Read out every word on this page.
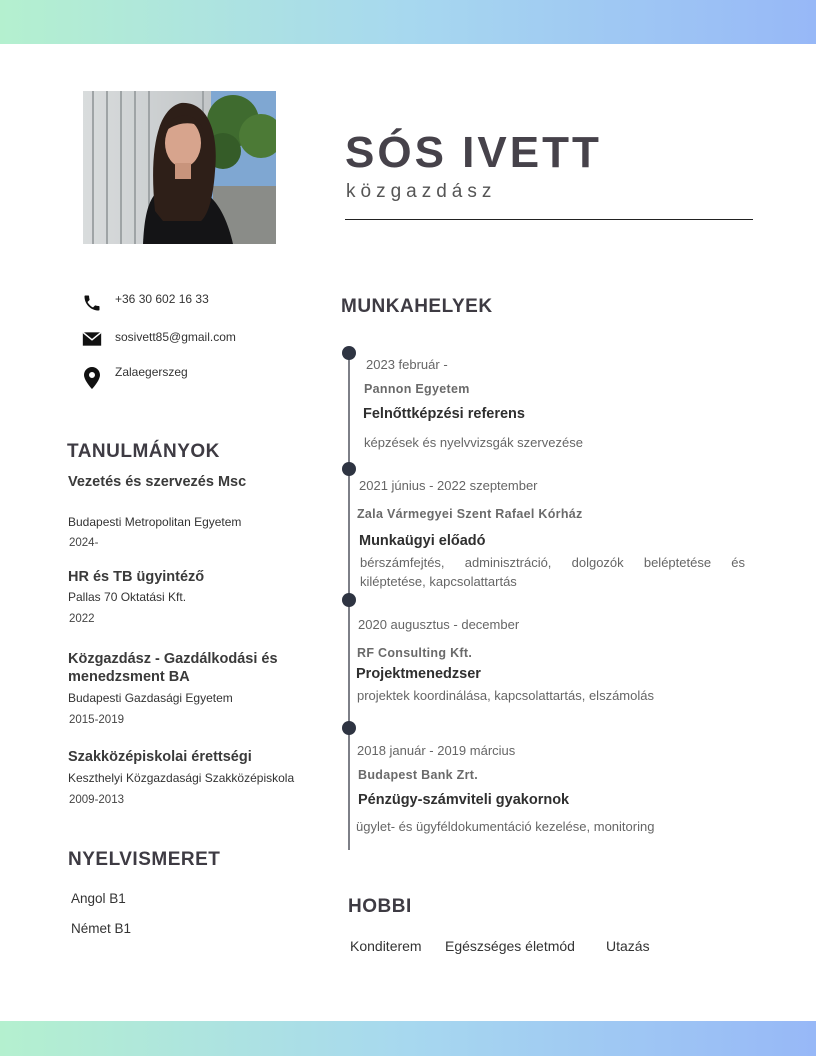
SÓS IVETT
közgazdász
+36 30 602 16 33
sosivett85@gmail.com
Zalaegerszeg
TANULMÁNYOK
Vezetés és szervezés Msc
Budapesti Metropolitan Egyetem
2024-
HR és TB ügyintéző
Pallas 70 Oktatási Kft.
2022
Közgazdász - Gazdálkodási és menedzsment BA
Budapesti Gazdasági Egyetem
2015-2019
Szakközépiskolai érettségi
Keszthelyi Közgazdasági Szakközépiskola
2009-2013
NYELVISMERET
Angol B1
Német B1
MUNKAHELYEK
2023 február -
Pannon Egyetem
Felnőttképzési referens
képzések és nyelvvizsgák szervezése
2021 június - 2022 szeptember
Zala Vármegyei Szent Rafael Kórház
Munkaügyi előadó
bérszámfejtés, adminisztráció, dolgozók beléptetése és kiléptetése, kapcsolattartás
2020 augusztus - december
RF Consulting Kft.
Projektmenedzser
projektek koordinálása, kapcsolattartás, elszámolás
2018 január - 2019 március
Budapest Bank Zrt.
Pénzügy-számviteli gyakornok
ügylet- és ügyféldokumentáció kezelése, monitoring
HOBBI
Konditerem Egészséges életmód Utazás
